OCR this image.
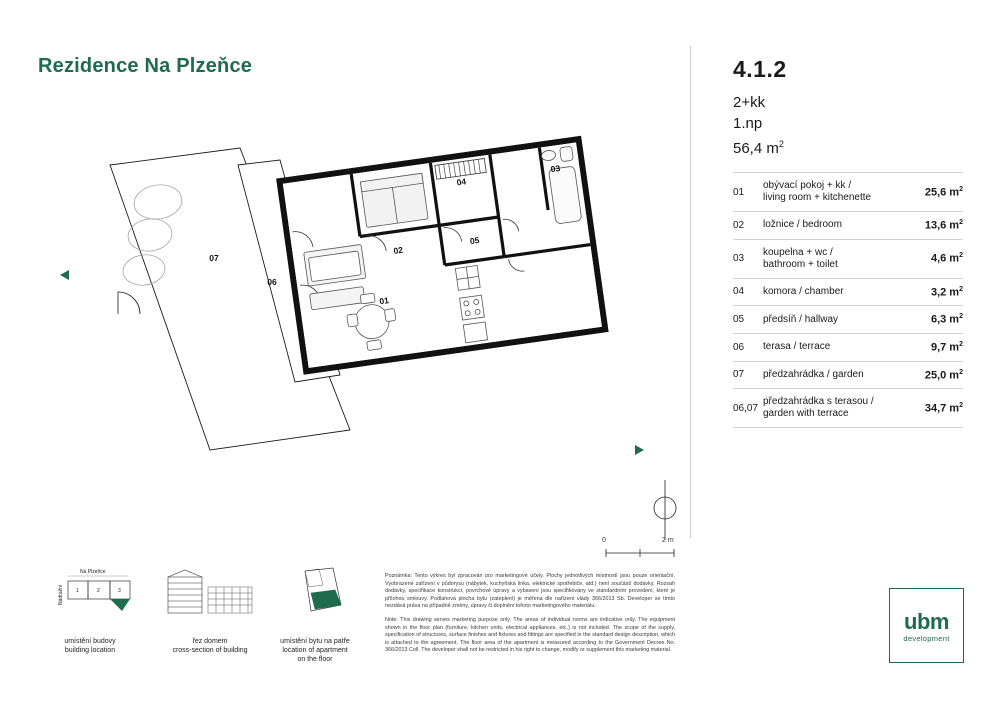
Rezidence Na Plzeňce	4.1.2
2+kk
1.np
56,4 $m^2$
01	obývací pokoj + kk /
living room + kitchenette	25,6 $m^2$
02	ložnice / bedroom	13,6 $m^2$
03	koupelna + wc /
bathroom + toilet	4,6 $m^2$
04	komora / chamber	3,2 $m^2$
05	předsíň / hallway	6,3 $m^2$
06	terasa / terrace	9,7 $m^2$
07	předzahrádka / garden	25,0 $m^2$
06,07	předzahrádka s terasou /
garden with terrace	34,7 $m^2$
07
06
02
04
03
05
01
0	2 m
Na Plzeňce
Nádražní 1	2	3
umístění budovy
building location
řez domem
cross-section of building
umístění bytu na patře
location of apartment
on the floor

Poznámka: Tento výkres byl zpracován pro marketingové účely. Plochy jednotlivých místností jsou pouze orientační. Vyobrazené zařízení v půdorysu (nábytek, kuchyňská linka, elektrické spotřebiče, atd.) není součástí dodávky. Rozsah dodávky, specifikace konstrukcí, povrchové úpravy a vybavení jsou specifikovány ve standardním provedení, které je přílohou smlouvy. Podlahová plocha bytu (zateplení) je měřena dle nařízení vlády 366/2013 Sb. Developer se tímto nezdává práva na případné změny, úpravy či doplnění tohoto marketingového materiálu.

Note: This drawing serves marketing purpose only. The areas of individual rooms are indicative only. The equipment shown in the floor plan (furniture, kitchen units, electrical appliances, etc.) is not included. The scope of the supply, specification of structures, surface finishes and fixtures and fittings are specified in the standard design description, which is attached to the agreement. The floor area of the apartment is measured according to the Government Decree No. 366/2013 Coll. The developer shall not be restricted in his right to change, modify or supplement this marketing material.

ubm
development
